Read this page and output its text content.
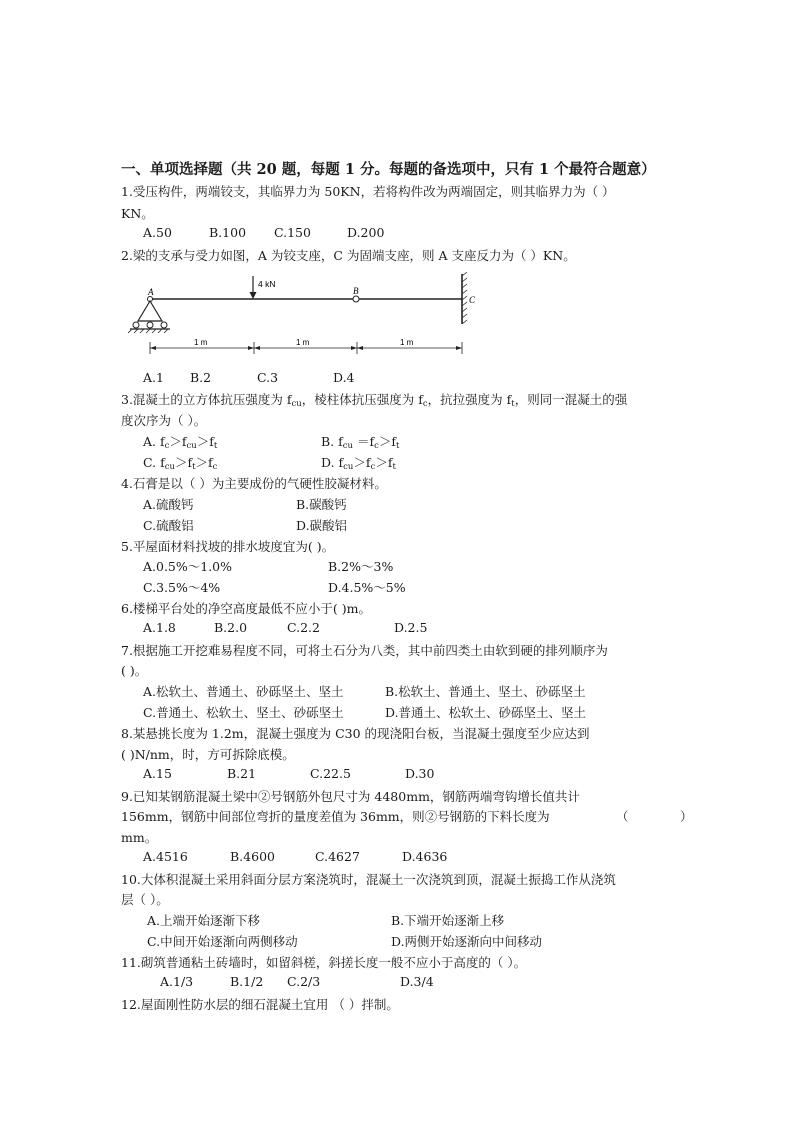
一、单项选择题（共 20 题，每题 1 分。每题的备选项中，只有 1 个最符合题意）
1.受压构件，两端铰支，其临界力为 50KN，若将构件改为两端固定，则其临界力为（ ）
KN。
A.50	B.100 C.150	D.200
2.梁的支承与受力如图，A 为铰支座，C 为固端支座，则 A 支座反力为（ ）KN。
A
4 kN
B
C
1 m	1 m	1 m
A.1 B.2	C.3	D.4
3.混凝土的立方体抗压强度为 $f_{cu}$，棱柱体抗压强度为 $f_c$，抗拉强度为 $f_t$，则同一混凝土的强
度次序为（ ）。
A. $f_c>f_{cu}>f_t$	B. $f_{cu} =f_c>f_t$
C. $f_{cu}>f_t>f_c$	D. $f_{cu}>f_c>f_t$
4.石膏是以（ ）为主要成份的气硬性胶凝材料。
A.硫酸钙	B.碳酸钙
C.硫酸铝	D.碳酸铝
5.平屋面材料找坡的排水坡度宜为( )。
A.0.5%～1.0%	B.2%～3%
C.3.5%～4%	D.4.5%～5%
6.楼梯平台处的净空高度最低不应小于( )m。
A.1.8	B.2.0	C.2.2	D.2.5
7.根据施工开挖难易程度不同，可将土石分为八类，其中前四类土由软到硬的排列顺序为
( )。
A.松软土、普通土、砂砾坚土、坚土	B.松软土、普通土、坚土、砂砾坚土
C.普通土、松软土、坚土、砂砾坚土	D.普通土、松软土、砂砾坚土、坚土
8.某悬挑长度为 1.2m，混凝土强度为 C30 的现浇阳台板，当混凝土强度至少应达到
( )N/nm，时，方可拆除底模。
A.15	B.21	C.22.5	D.30
9.已知某钢筋混凝土梁中②号钢筋外包尺寸为 4480mm，钢筋两端弯钩增长值共计
156mm，钢筋中间部位弯折的量度差值为 36mm，则②号钢筋的下料长度为	（	）
mm。
A.4516	B.4600	C.4627	D.4636
10.大体积混凝土采用斜面分层方案浇筑时，混凝土一次浇筑到顶，混凝土振捣工作从浇筑
层（ ）。
A.上端开始逐渐下移	B.下端开始逐渐上移
C.中间开始逐渐向两侧移动	D.两侧开始逐渐向中间移动
11.砌筑普通粘土砖墙时，如留斜槎，斜搓长度一般不应小于高度的（ ）。
A.1/3	B.1/2 C.2/3	D.3/4
12.屋面刚性防水层的细石混凝土宜用 （ ）拌制。
